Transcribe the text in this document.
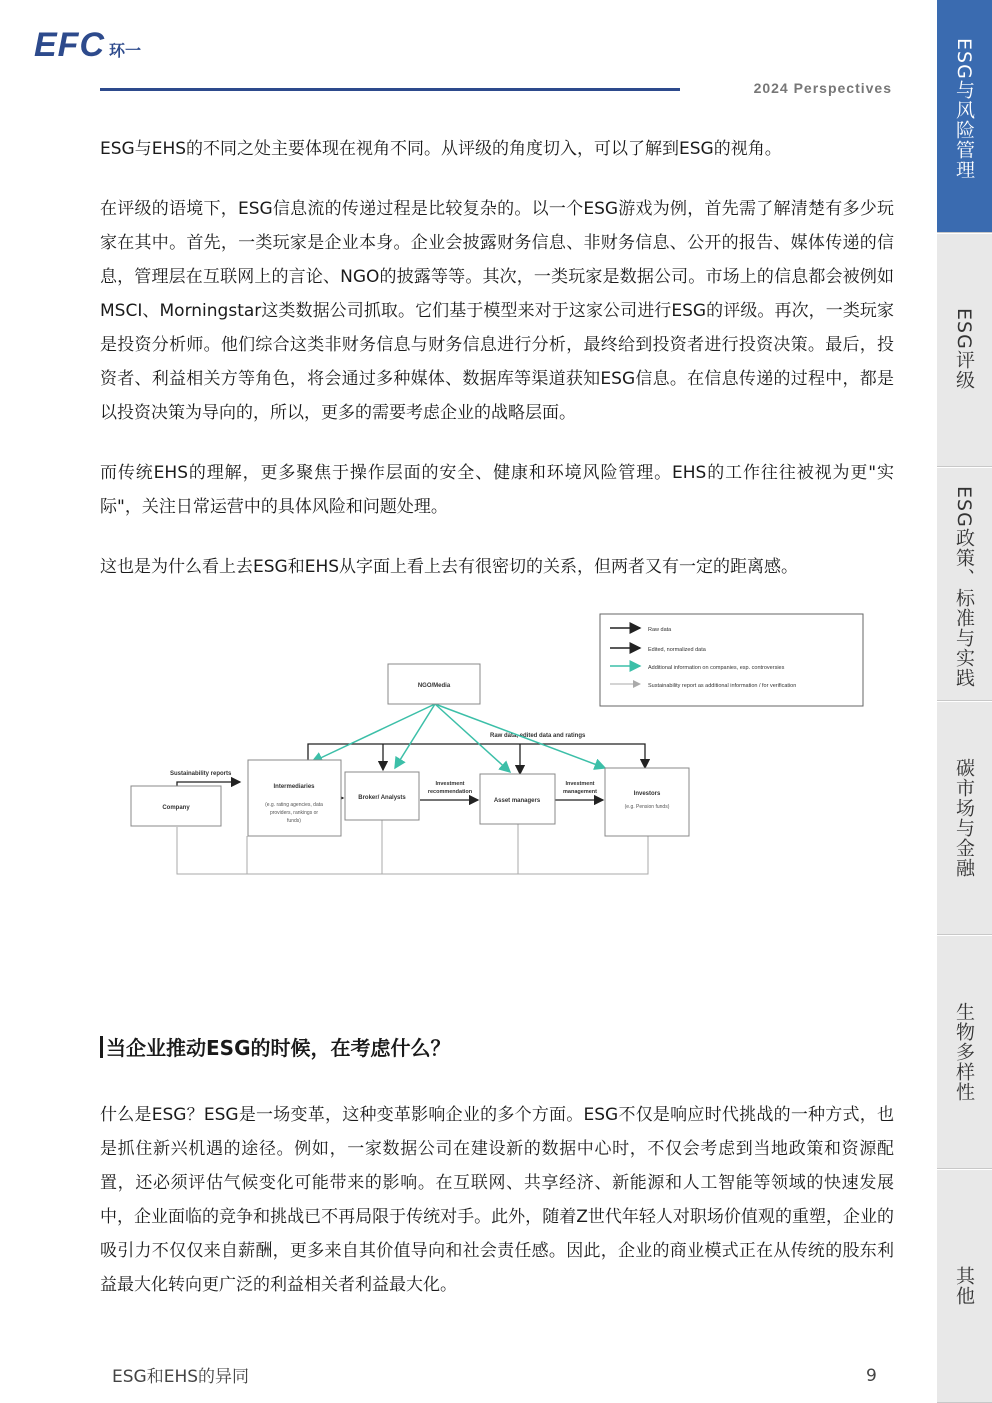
EFC 环一
2024 Perspectives

ESG与EHS的不同之处主要体现在视角不同。从评级的角度切入，可以了解到ESG的视角。

在评级的语境下，ESG信息流的传递过程是比较复杂的。以一个ESG游戏为例，首先需了解清楚有多少玩家在其中。首先，一类玩家是企业本身。企业会披露财务信息、非财务信息、公开的报告、媒体传递的信息，管理层在互联网上的言论、NGO的披露等等。其次，一类玩家是数据公司。市场上的信息都会被例如MSCI、Morningstar这类数据公司抓取。它们基于模型来对于这家公司进行ESG的评级。再次，一类玩家是投资分析师。他们综合这类非财务信息与财务信息进行分析，最终给到投资者进行投资决策。最后，投资者、利益相关方等角色，将会通过多种媒体、数据库等渠道获知ESG信息。在信息传递的过程中，都是以投资决策为导向的，所以，更多的需要考虑企业的战略层面。

而传统EHS的理解，更多聚焦于操作层面的安全、健康和环境风险管理。EHS的工作往往被视为更"实际"，关注日常运营中的具体风险和问题处理。

这也是为什么看上去ESG和EHS从字面上看上去有很密切的关系，但两者又有一定的距离感。

Raw data
Edited, normalized data
Additional information on companies, esp. controversies
Sustainability report as additional information / for verification
Raw data, edited data and ratings
Sustainability reports
Investment
recommendation
Investment
management
NGO/Media
Company
Intermediaries
(e.g. rating agencies, data
providers, rankings or
funds)
Broker/ Analysts	Asset managers
Investors
(e.g. Pension funds)
当企业推动ESG的时候，在考虑什么？

什么是ESG？ESG是一场变革，这种变革影响企业的多个方面。ESG不仅是响应时代挑战的一种方式，也是抓住新兴机遇的途径。例如，一家数据公司在建设新的数据中心时，不仅会考虑到当地政策和资源配置，还必须评估气候变化可能带来的影响。在互联网、共享经济、新能源和人工智能等领域的快速发展中，企业面临的竞争和挑战已不再局限于传统对手。此外，随着Z世代年轻人对职场价值观的重塑，企业的吸引力不仅仅来自薪酬，更多来自其价值导向和社会责任感。因此，企业的商业模式正在从传统的股东利益最大化转向更广泛的利益相关者利益最大化。

ESG和EHS的异同	9
ESG与风险管理
ESG评级
ESG政策、标准与实践
碳市场与金融
生物多样性
其他
